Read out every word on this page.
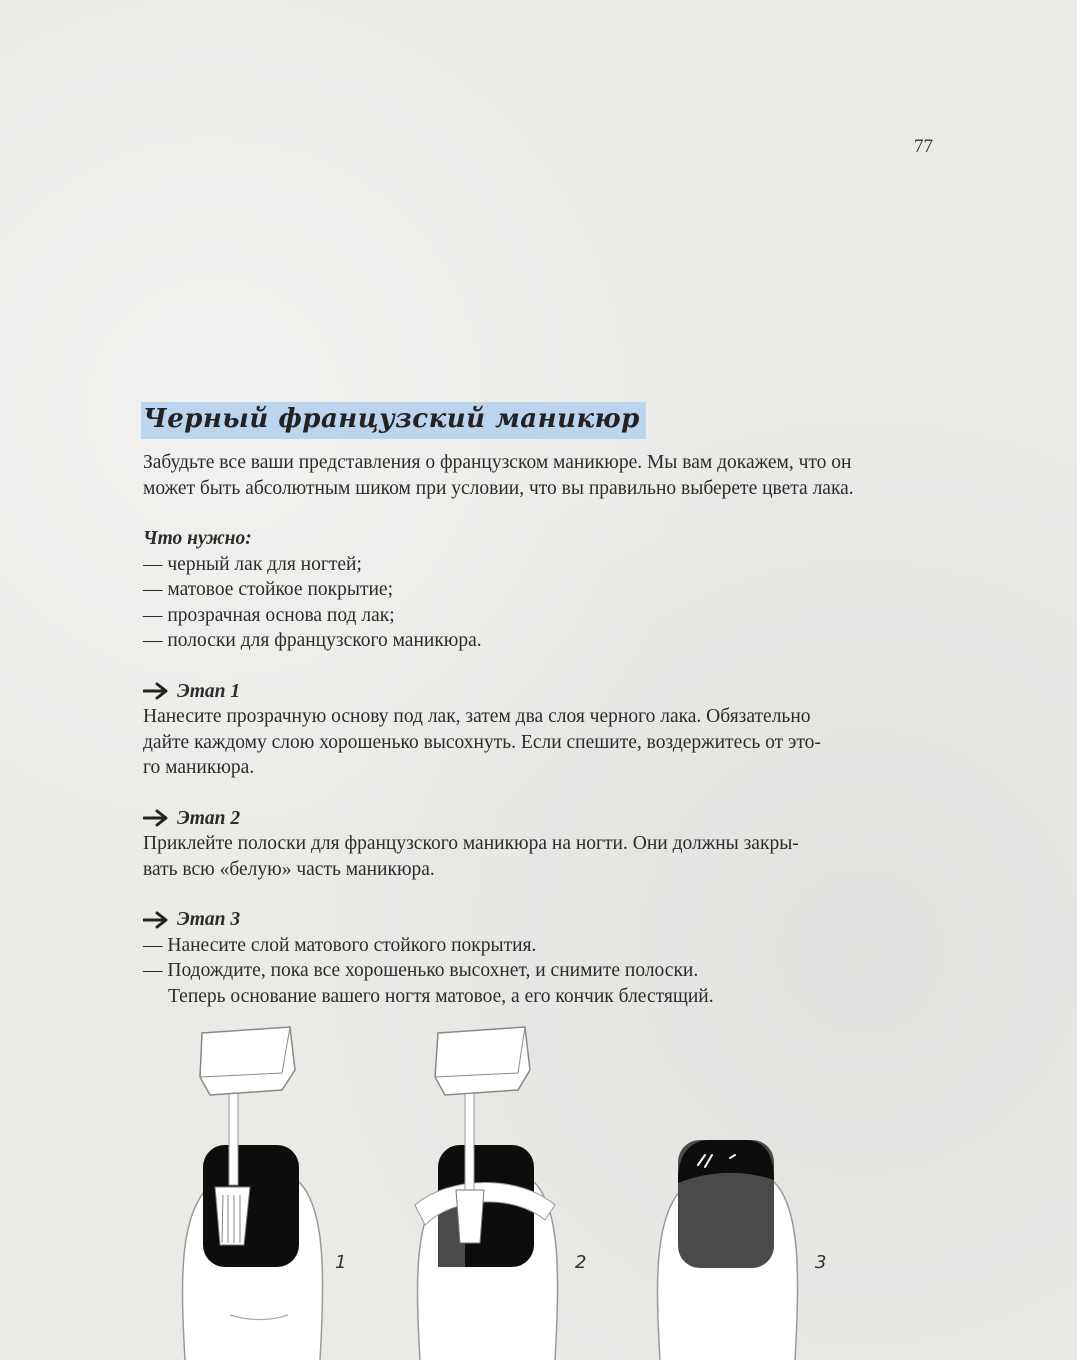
77
Черный французский маникюр

Забудьте все ваши представления о французском маникюре. Мы вам докажем, что он может быть абсолютным шиком при условии, что вы правильно выберете цвета лака.

Что нужно:
— черный лак для ногтей;
— матовое стойкое покрытие;
— прозрачная основа под лак;
— полоски для французского маникюра.
Этап 1
Нанесите прозрачную основу под лак, затем два слоя черного лака. Обязательно
дайте каждому слою хорошенько высохнуть. Если спешите, воздержитесь от это-
го маникюра.
Этап 2
Приклейте полоски для французского маникюра на ногти. Они должны закры-
вать всю «белую» часть маникюра.
Этап 3
— Нанесите слой матового стойкого покрытия.
— Подождите, пока все хорошенько высохнет, и снимите полоски.
Теперь основание вашего ногтя матовое, а его кончик блестящий.
1	2	3
